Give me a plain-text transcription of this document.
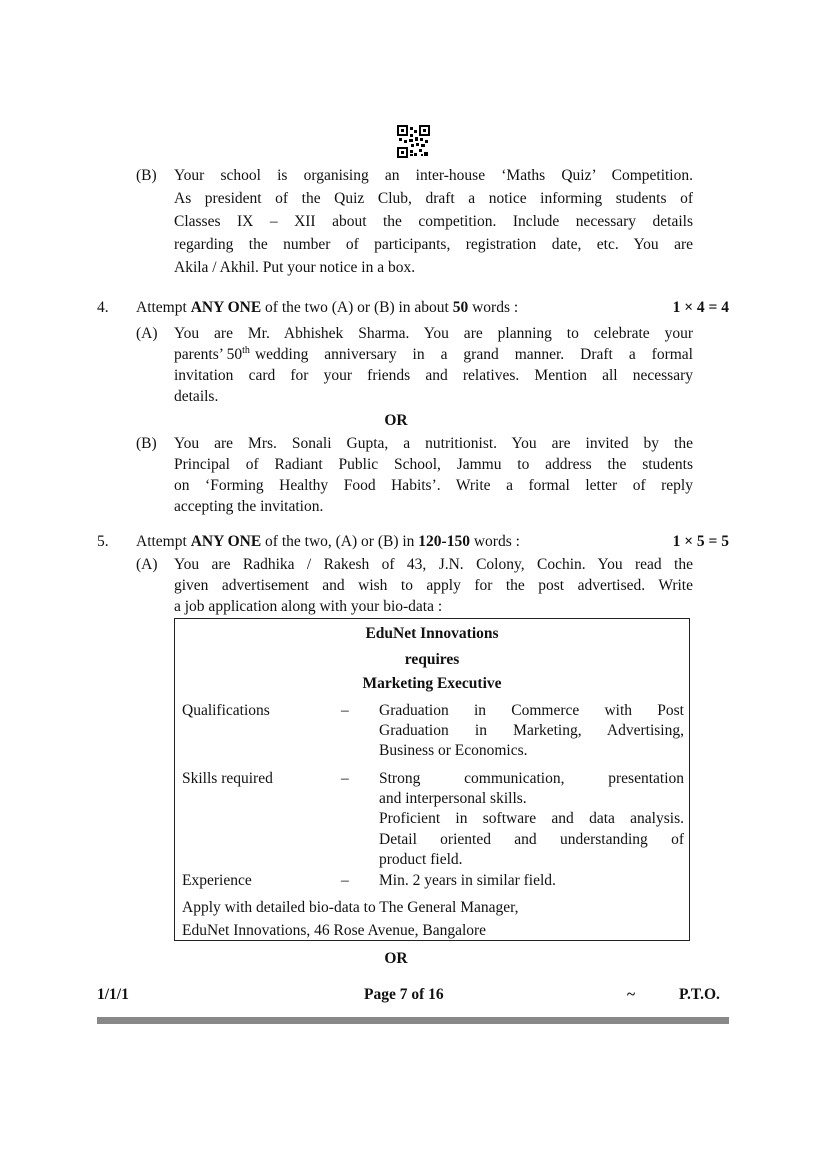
(B) Your school is organising an inter-house ‘Maths Quiz’ Competition.
As president of the Quiz Club, draft a notice informing students of
Classes IX – XII about the competition. Include necessary details
regarding the number of participants, registration date, etc. You are
Akila / Akhil. Put your notice in a box.
4. Attempt ANY ONE of the two (A) or (B) in about 50 words :	1 × 4 = 4
(A) You are Mr. Abhishek Sharma. You are planning to celebrate your
parents’ 50th wedding anniversary in a grand manner. Draft a formal
invitation card for your friends and relatives. Mention all necessary
details.
OR
(B) You are Mrs. Sonali Gupta, a nutritionist. You are invited by the
Principal of Radiant Public School, Jammu to address the students
on ‘Forming Healthy Food Habits’. Write a formal letter of reply
accepting the invitation.
5. Attempt ANY ONE of the two, (A) or (B) in 120-150 words :	1 × 5 = 5
(A) You are Radhika / Rakesh of 43, J.N. Colony, Cochin. You read the
given advertisement and wish to apply for the post advertised. Write
a job application along with your bio-data :
EduNet Innovations
requires
Marketing Executive
Qualifications	– Graduation in Commerce with Post
Graduation in Marketing, Advertising,
Business or Economics.
Skills required	– Strong communication, presentation
and interpersonal skills.
Proficient in software and data analysis.
Detail oriented and understanding of
product field.
Experience	– Min. 2 years in similar field.
Apply with detailed bio-data to The General Manager,
EduNet Innovations, 46 Rose Avenue, Bangalore
OR
1/1/1	Page 7 of 16	~	P.T.O.
